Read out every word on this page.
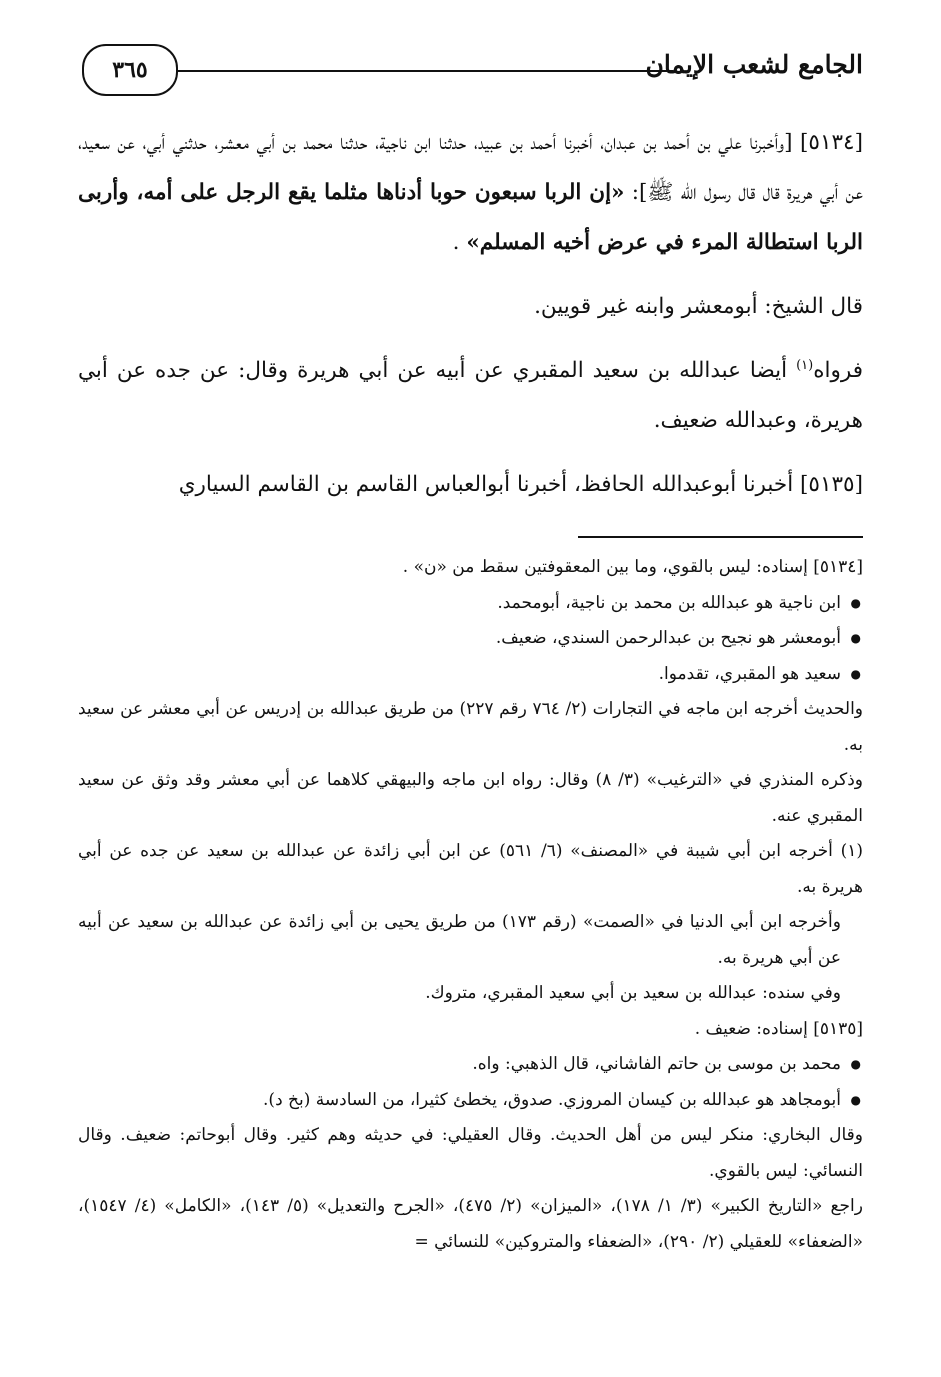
الجامع لشعب الإيمان
٣٦٥

[٥١٣٤] [وأخبرنا علي بن أحمد بن عبدان، أخبرنا أحمد بن عبيد، حدثنا ابن ناجية، حدثنا محمد بن أبي معشر، حدثني أبي، عن سعيد، عن أبي هريرة قال قال رسول الله ﷺ]: «إن الربا سبعون حوبا أدناها مثلما يقع الرجل على أمه، وأربى الربا استطالة المرء في عرض أخيه المسلم» .

قال الشيخ: أبومعشر وابنه غير قويين.

فرواه$^{(١)}$ أيضا عبدالله بن سعيد المقبري عن أبيه عن أبي هريرة وقال: عن جده عن أبي هريرة، وعبدالله ضعيف.

[٥١٣٥] أخبرنا أبوعبدالله الحافظ، أخبرنا أبوالعباس القاسم بن القاسم السياري

[٥١٣٤] إسناده: ليس بالقوي، وما بين المعقوفتين سقط من «ن» .

● ابن ناجية هو عبدالله بن محمد بن ناجية، أبومحمد.

● أبومعشر هو نجيح بن عبدالرحمن السندي، ضعيف.

● سعيد هو المقبري، تقدموا.

والحديث أخرجه ابن ماجه في التجارات (٢/ ٧٦٤ رقم ٢٢٧) من طريق عبدالله بن إدريس عن أبي معشر عن سعيد به.

وذكره المنذري في «الترغيب» (٣/ ٨) وقال: رواه ابن ماجه والبيهقي كلاهما عن أبي معشر وقد وثق عن سعيد المقبري عنه.

(١) أخرجه ابن أبي شيبة في «المصنف» (٦/ ٥٦١) عن ابن أبي زائدة عن عبدالله بن سعيد عن جده عن أبي هريرة به.

وأخرجه ابن أبي الدنيا في «الصمت» (رقم ١٧٣) من طريق يحيى بن أبي زائدة عن عبدالله بن سعيد عن أبيه عن أبي هريرة به.

وفي سنده: عبدالله بن سعيد بن أبي سعيد المقبري، متروك.

[٥١٣٥] إسناده: ضعيف .

● محمد بن موسى بن حاتم الفاشاني، قال الذهبي: واه.

● أبومجاهد هو عبدالله بن كيسان المروزي. صدوق، يخطئ كثيرا، من السادسة (بخ د).

وقال البخاري: منكر ليس من أهل الحديث. وقال العقيلي: في حديثه وهم كثير. وقال أبوحاتم: ضعيف. وقال النسائي: ليس بالقوي.

راجع «التاريخ الكبير» (٣/ ١/ ١٧٨)، «الميزان» (٢/ ٤٧٥)، «الجرح والتعديل» (٥/ ١٤٣)، «الكامل» (٤/ ١٥٤٧)، «الضعفاء» للعقيلي (٢/ ٢٩٠)، «الضعفاء والمتروكين» للنسائي =
